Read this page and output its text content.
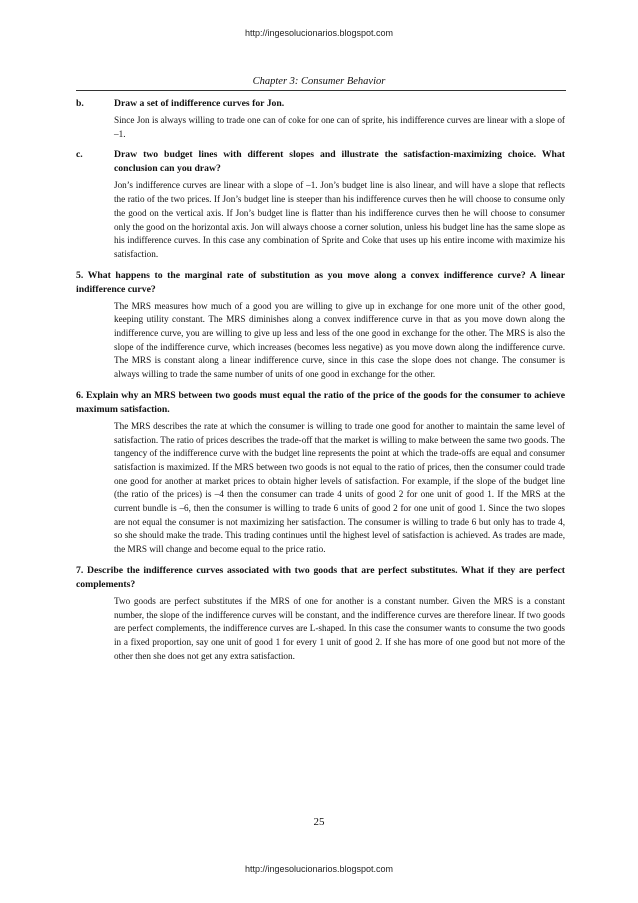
http://ingesolucionarios.blogspot.com
Chapter 3: Consumer Behavior
b.	Draw a set of indifference curves for Jon.
Since Jon is always willing to trade one can of coke for one can of sprite, his indifference curves are linear with a slope of –1.
c.	Draw two budget lines with different slopes and illustrate the satisfaction-maximizing choice. What conclusion can you draw?
Jon’s indifference curves are linear with a slope of –1. Jon’s budget line is also linear, and will have a slope that reflects the ratio of the two prices. If Jon’s budget line is steeper than his indifference curves then he will choose to consume only the good on the vertical axis. If Jon’s budget line is flatter than his indifference curves then he will choose to consumer only the good on the horizontal axis. Jon will always choose a corner solution, unless his budget line has the same slope as his indifference curves. In this case any combination of Sprite and Coke that uses up his entire income with maximize his satisfaction.
5. What happens to the marginal rate of substitution as you move along a convex indifference curve? A linear indifference curve?
The MRS measures how much of a good you are willing to give up in exchange for one more unit of the other good, keeping utility constant. The MRS diminishes along a convex indifference curve in that as you move down along the indifference curve, you are willing to give up less and less of the one good in exchange for the other. The MRS is also the slope of the indifference curve, which increases (becomes less negative) as you move down along the indifference curve. The MRS is constant along a linear indifference curve, since in this case the slope does not change. The consumer is always willing to trade the same number of units of one good in exchange for the other.
6. Explain why an MRS between two goods must equal the ratio of the price of the goods for the consumer to achieve maximum satisfaction.
The MRS describes the rate at which the consumer is willing to trade one good for another to maintain the same level of satisfaction. The ratio of prices describes the trade-off that the market is willing to make between the same two goods. The tangency of the indifference curve with the budget line represents the point at which the trade-offs are equal and consumer satisfaction is maximized. If the MRS between two goods is not equal to the ratio of prices, then the consumer could trade one good for another at market prices to obtain higher levels of satisfaction. For example, if the slope of the budget line (the ratio of the prices) is –4 then the consumer can trade 4 units of good 2 for one unit of good 1. If the MRS at the current bundle is –6, then the consumer is willing to trade 6 units of good 2 for one unit of good 1. Since the two slopes are not equal the consumer is not maximizing her satisfaction. The consumer is willing to trade 6 but only has to trade 4, so she should make the trade. This trading continues until the highest level of satisfaction is achieved. As trades are made, the MRS will change and become equal to the price ratio.
7. Describe the indifference curves associated with two goods that are perfect substitutes. What if they are perfect complements?
Two goods are perfect substitutes if the MRS of one for another is a constant number. Given the MRS is a constant number, the slope of the indifference curves will be constant, and the indifference curves are therefore linear. If two goods are perfect complements, the indifference curves are L-shaped. In this case the consumer wants to consume the two goods in a fixed proportion, say one unit of good 1 for every 1 unit of good 2. If she has more of one good but not more of the other then she does not get any extra satisfaction.
25
http://ingesolucionarios.blogspot.com
